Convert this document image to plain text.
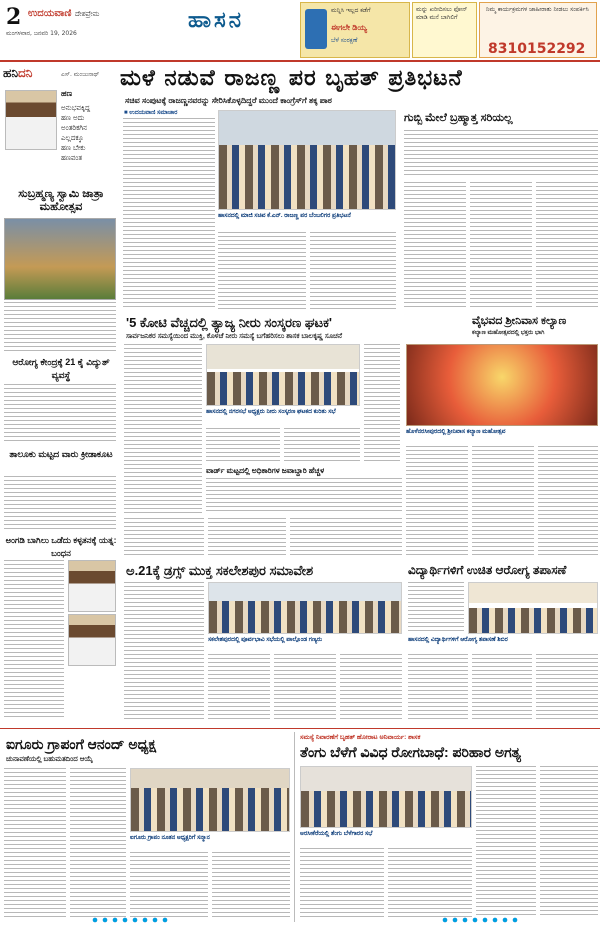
2 ಉದಯವಾಣಿ ದೇಶಪ್ರೇಮ
ಮಂಗಳವಾರ, ಜನವರಿ 19, 2026
ಹಾಸನ	ಮನ್ನಿಸಿ ಇಲ್ಲದ ಕಡೆಗೆ
ಈಗಲೇ ಡಿಯ್ಯ
ಬೆಳೆ ಸಂರಕ್ಷಣೆ
ಮನ್ನು ಖರೀದಿಸಲು ಫೋನ್ ಮಾಡಿ ಮನೆ ಬಾಗಿಲಿಗೆ
ನಿಮ್ಮ ಕಾರ್ಯಕ್ರಮಗಳ ಜಾಹೀರಾತು ನೀಡಲು ಸಂಪರ್ಕಿಸಿ
8310152292
ಹನಿದನಿ	ಎಸ್. ಮಂಜುನಾಥ್
ಹಣ
ಅನುಭವಕ್ಕಿದ್ದ
ಹಣ ಅದು
ಅಂತರಿಕಗಿನ
ಎಲ್ಲದಕ್ಕೂ
ಹಣ ಬೇಕು
ಹಣವಂತ
ಮಳೆ ನಡುವೆ ರಾಜಣ್ಣ ಪರ ಬೃಹತ್ ಪ್ರತಿಭಟನೆ
ಸಚಿವ ಸಂಪುಟಕ್ಕೆ ರಾಜಣ್ಣನವರನ್ನು ಸೇರಿಸಿಕೊಳ್ಳದಿದ್ದರೆ ಮುಂದೆ ಕಾಂಗ್ರೆಸ್‌ಗೆ ತಕ್ಕ ಪಾಠ
■ ಉದಯವಾಣಿ ಸಮಾಚಾರ
ಹಾಸನದಲ್ಲಿ ಮಾಜಿ ಸಚಿವ ಕೆ.ಎನ್. ರಾಜಣ್ಣ ಪರ ಬೆಂಬಲಿಗರ ಪ್ರತಿಭಟನೆ
ಗುಬ್ಬಿ ಮೇಲೆ ಬ್ರಹ್ಮಾತ್ತ ಸರಿಯಲ್ಲ
ಸುಬ್ರಹ್ಮಣ್ಯ ಸ್ವಾಮಿ ಜಾತ್ರಾ ಮಹೋತ್ಸವ
'5 ಕೋಟಿ ವೆಚ್ಚದಲ್ಲಿ ತ್ಯಾಜ್ಯ ನೀರು ಸಂಸ್ಕರಣ ಘಟಕ'
ಸಾರ್ವಜನಿಕರ ಸಮಸ್ಯೆಯಿಂದ ಮುಕ್ತಿ, ಕೊಳಚೆ ನೀರು ಸಮಸ್ಯೆ ಬಗೆಹರಿಸಲು ಶಾಸಕ ಬಾಲಕೃಷ್ಣ ಸೂಚನೆ
ಹಾಸನದಲ್ಲಿ ನಗರಸಭೆ ಅಧ್ಯಕ್ಷರು ನೀರು ಸಂಸ್ಕರಣ ಘಟಕದ ಕುರಿತು ಸಭೆ
ವಾರ್ಡ್ ಮಟ್ಟದಲ್ಲಿ ಅಧಿಕಾರಿಗಳ ಜವಾಬ್ದಾರಿ ಹೆಚ್ಚಳ
ವೈಭವದ ಶ್ರೀನಿವಾಸ ಕಲ್ಯಾಣ
ಕಲ್ಯಾಣ ಮಹೋತ್ಸವದಲ್ಲಿ ಭಕ್ತರು ಭಾಗಿ
ಹೊಳೆನರಸೀಪುರದಲ್ಲಿ ಶ್ರೀನಿವಾಸ ಕಲ್ಯಾಣ ಮಹೋತ್ಸವ
ಆರೋಗ್ಯ ಕೇಂದ್ರಕ್ಕೆ 21 ಕೈ ವಿದ್ಯುತ್ ವ್ಯವಸ್ಥೆ
ತಾಲೂಕು ಮಟ್ಟದ ವಾರು ಕ್ರೀಡಾಕೂಟ
ಅಂಗಡಿ ಬಾಗಿಲು ಒಡೆದು ಕಳ್ಳತನಕ್ಕೆ ಯತ್ನ: ಬಂಧನ
ಅ.21ಕ್ಕೆ ಡ್ರಗ್ಸ್ ಮುಕ್ತ ಸಕಲೇಶಪುರ ಸಮಾವೇಶ
ಸಕಲೇಶಪುರದಲ್ಲಿ ಪೂರ್ವಭಾವಿ ಸಭೆಯಲ್ಲಿ ಪಾಲ್ಗೊಂಡ ಗಣ್ಯರು
ವಿದ್ಯಾರ್ಥಿಗಳಿಗೆ ಉಚಿತ ಆರೋಗ್ಯ ತಪಾಸಣೆ
ಹಾಸನದಲ್ಲಿ ವಿದ್ಯಾರ್ಥಿಗಳಿಗೆ ಆರೋಗ್ಯ ತಪಾಸಣೆ ಶಿಬಿರ
ಐಗೂರು ಗ್ರಾಪಂಗೆ ಆನಂದ್ ಅಧ್ಯಕ್ಷ
ಚುನಾವಣೆಯಲ್ಲಿ ಬಹುಮತದಿಂದ ಆಯ್ಕೆ
ಐಗೂರು ಗ್ರಾಪಂ ನೂತನ ಅಧ್ಯಕ್ಷರಿಗೆ ಸನ್ಮಾನ
ಸಮಸ್ಯೆ ನಿವಾರಣೆಗೆ ಬೃಹತ್ ಹೋರಾಟ ಅನಿವಾರ್ಯ: ಶಾಸಕ
ತೆಂಗು ಬೆಳೆಗೆ ವಿವಿಧ ರೋಗಬಾಧೆ: ಪರಿಹಾರ ಅಗತ್ಯ
ಅರಸೀಕೆರೆಯಲ್ಲಿ ತೆಂಗು ಬೆಳೆಗಾರರ ಸಭೆ
